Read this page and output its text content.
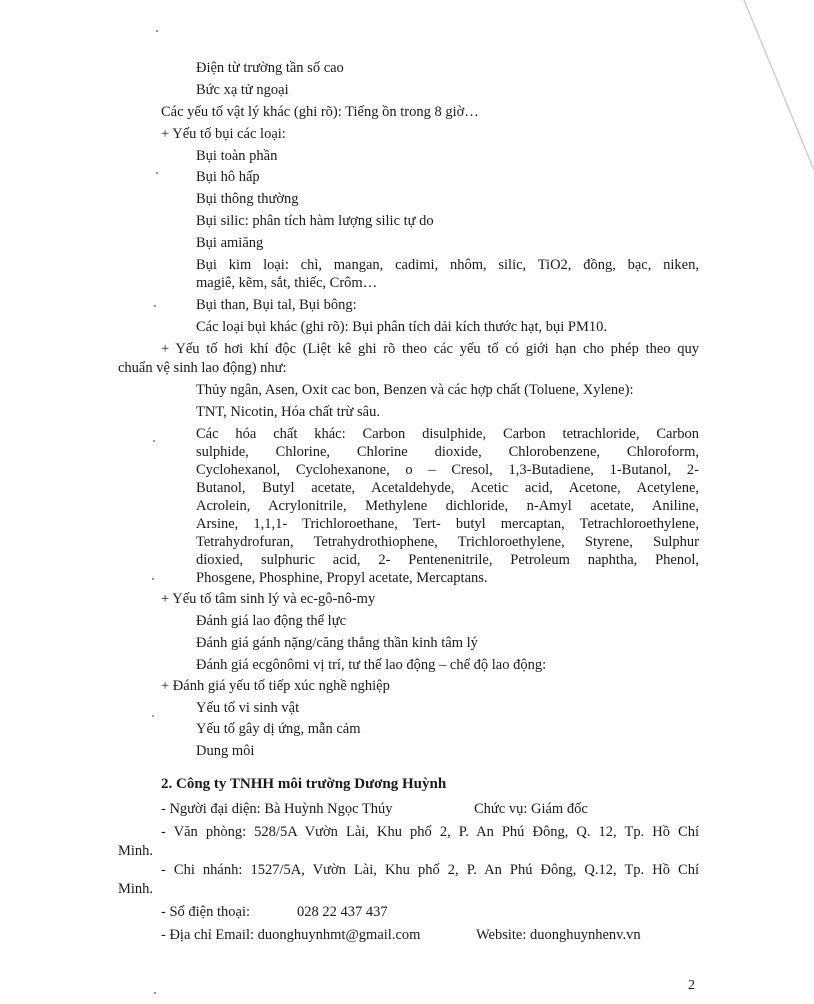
Điện từ trường tần số cao
Bức xạ tử ngoại
Các yếu tố vật lý khác (ghi rõ): Tiếng ồn trong 8 giờ…
+ Yếu tố bụi các loại:
Bụi toàn phần
Bụi hô hấp
Bụi thông thường
Bụi silic: phân tích hàm lượng silic tự do
Bụi amiăng
Bụi kim loại: chì, mangan, cadimi, nhôm, silic, TiO2, đồng, bạc, niken,
magiê, kẽm, sắt, thiếc, Crôm…
Bụi than, Bụi tal, Bụi bông:
Các loại bụi khác (ghi rõ): Bụi phân tích dải kích thước hạt, bụi PM10.
+ Yếu tố hơi khí độc (Liệt kê ghi rõ theo các yếu tố có giới hạn cho phép theo quy
chuẩn vệ sinh lao động) như:
Thủy ngân, Asen, Oxit cac bon, Benzen và các hợp chất (Toluene, Xylene):
TNT, Nicotin, Hóa chất trừ sâu.
Các hóa chất khác: Carbon disulphide, Carbon tetrachloride, Carbon
sulphide, Chlorine, Chlorine dioxide, Chlorobenzene, Chloroform,
Cyclohexanol, Cyclohexanone, o – Cresol, 1,3-Butadiene, 1-Butanol, 2-
Butanol, Butyl acetate, Acetaldehyde, Acetic acid, Acetone, Acetylene,
Acrolein, Acrylonitrile, Methylene dichloride, n-Amyl acetate, Aniline,
Arsine, 1,1,1- Trichloroethane, Tert- butyl mercaptan, Tetrachloroethylene,
Tetrahydrofuran, Tetrahydrothiophene, Trichloroethylene, Styrene, Sulphur
dioxied, sulphuric acid, 2- Pentenenitrile, Petroleum naphtha, Phenol,
Phosgene, Phosphine, Propyl acetate, Mercaptans.
+ Yếu tố tâm sinh lý và ec-gô-nô-my
Đánh giá lao động thể lực
Đánh giá gánh nặng/căng thẳng thần kinh tâm lý
Đánh giá ecgônômi vị trí, tư thế lao động – chế độ lao động:
+ Đánh giá yếu tố tiếp xúc nghề nghiệp
Yếu tố vi sinh vật
Yếu tố gây dị ứng, mẫn cảm
Dung môi
2. Công ty TNHH môi trường Dương Huỳnh
- Người đại diện: Bà Huỳnh Ngọc Thúy	Chức vụ: Giám đốc
- Văn phòng: 528/5A Vườn Lài, Khu phố 2, P. An Phú Đông, Q. 12, Tp. Hồ Chí
Minh.
- Chi nhánh: 1527/5A, Vườn Lài, Khu phố 2, P. An Phú Đông, Q.12, Tp. Hồ Chí
Minh.
- Số điện thoại:	028 22 437 437
- Địa chỉ Email: duonghuynhmt@gmail.com	Website: duonghuynhenv.vn
2
